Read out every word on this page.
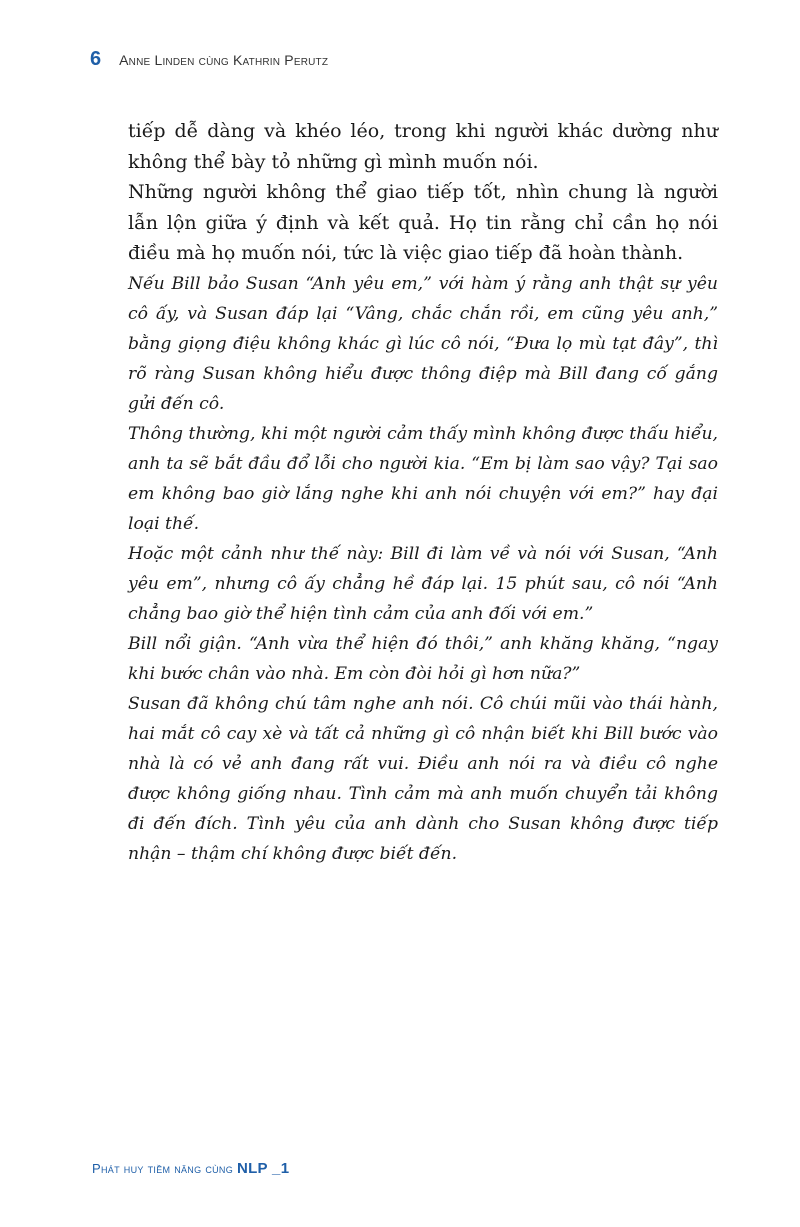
6 Anne Linden cùng Kathrin Perutz

tiếp dễ dàng và khéo léo, trong khi người khác dường như không thể bày tỏ những gì mình muốn nói.

Những người không thể giao tiếp tốt, nhìn chung là người lẫn lộn giữa ý định và kết quả. Họ tin rằng chỉ cần họ nói điều mà họ muốn nói, tức là việc giao tiếp đã hoàn thành.

Nếu Bill bảo Susan “Anh yêu em,” với hàm ý rằng anh thật sự yêu cô ấy, và Susan đáp lại “Vâng, chắc chắn rồi, em cũng yêu anh,” bằng giọng điệu không khác gì lúc cô nói, “Đưa lọ mù tạt đây”, thì rõ ràng Susan không hiểu được thông điệp mà Bill đang cố gắng gửi đến cô.

Thông thường, khi một người cảm thấy mình không được thấu hiểu, anh ta sẽ bắt đầu đổ lỗi cho người kia. “Em bị làm sao vậy? Tại sao em không bao giờ lắng nghe khi anh nói chuyện với em?” hay đại loại thế.

Hoặc một cảnh như thế này: Bill đi làm về và nói với Susan, “Anh yêu em”, nhưng cô ấy chẳng hề đáp lại. 15 phút sau, cô nói “Anh chẳng bao giờ thể hiện tình cảm của anh đối với em.”

Bill nổi giận. “Anh vừa thể hiện đó thôi,” anh khăng khăng, “ngay khi bước chân vào nhà. Em còn đòi hỏi gì hơn nữa?”

Susan đã không chú tâm nghe anh nói. Cô chúi mũi vào thái hành, hai mắt cô cay xè và tất cả những gì cô nhận biết khi Bill bước vào nhà là có vẻ anh đang rất vui. Điều anh nói ra và điều cô nghe được không giống nhau. Tình cảm mà anh muốn chuyển tải không đi đến đích. Tình yêu của anh dành cho Susan không được tiếp nhận – thậm chí không được biết đến.

Phát huy tiềm năng cùng NLP _1
